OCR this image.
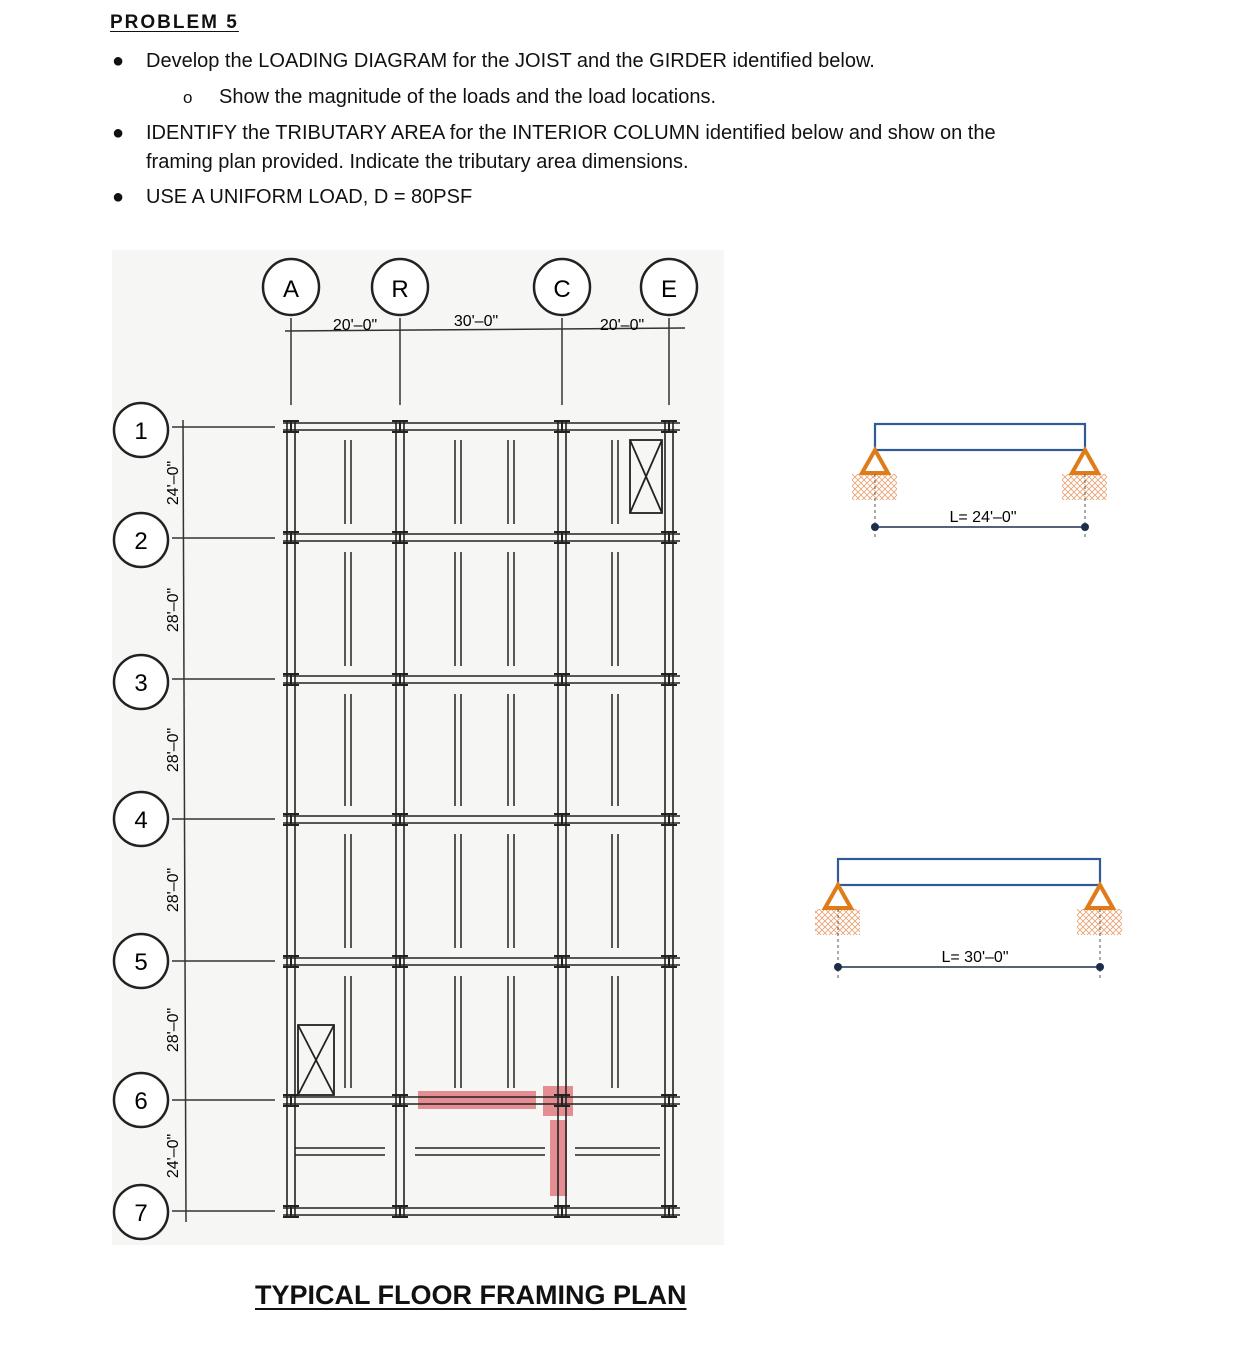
PROBLEM 5
● Develop the LOADING DIAGRAM for the JOIST and the GIRDER identified below.
o Show the magnitude of the loads and the load locations.
● IDENTIFY the TRIBUTARY AREA for the INTERIOR COLUMN identified below and show on the
framing plan provided. Indicate the tributary area dimensions.
● USE A UNIFORM LOAD, D = 80PSF
A	R	C	E
20'–0"	30'–0"	20'–0"
1
2
3
4
5
6
7
24'–0"
28'–0"
28'–0"
28'–0"
28'–0"
24'–0"
L= 24'–0"
L= 30'–0"
TYPICAL FLOOR FRAMING PLAN
